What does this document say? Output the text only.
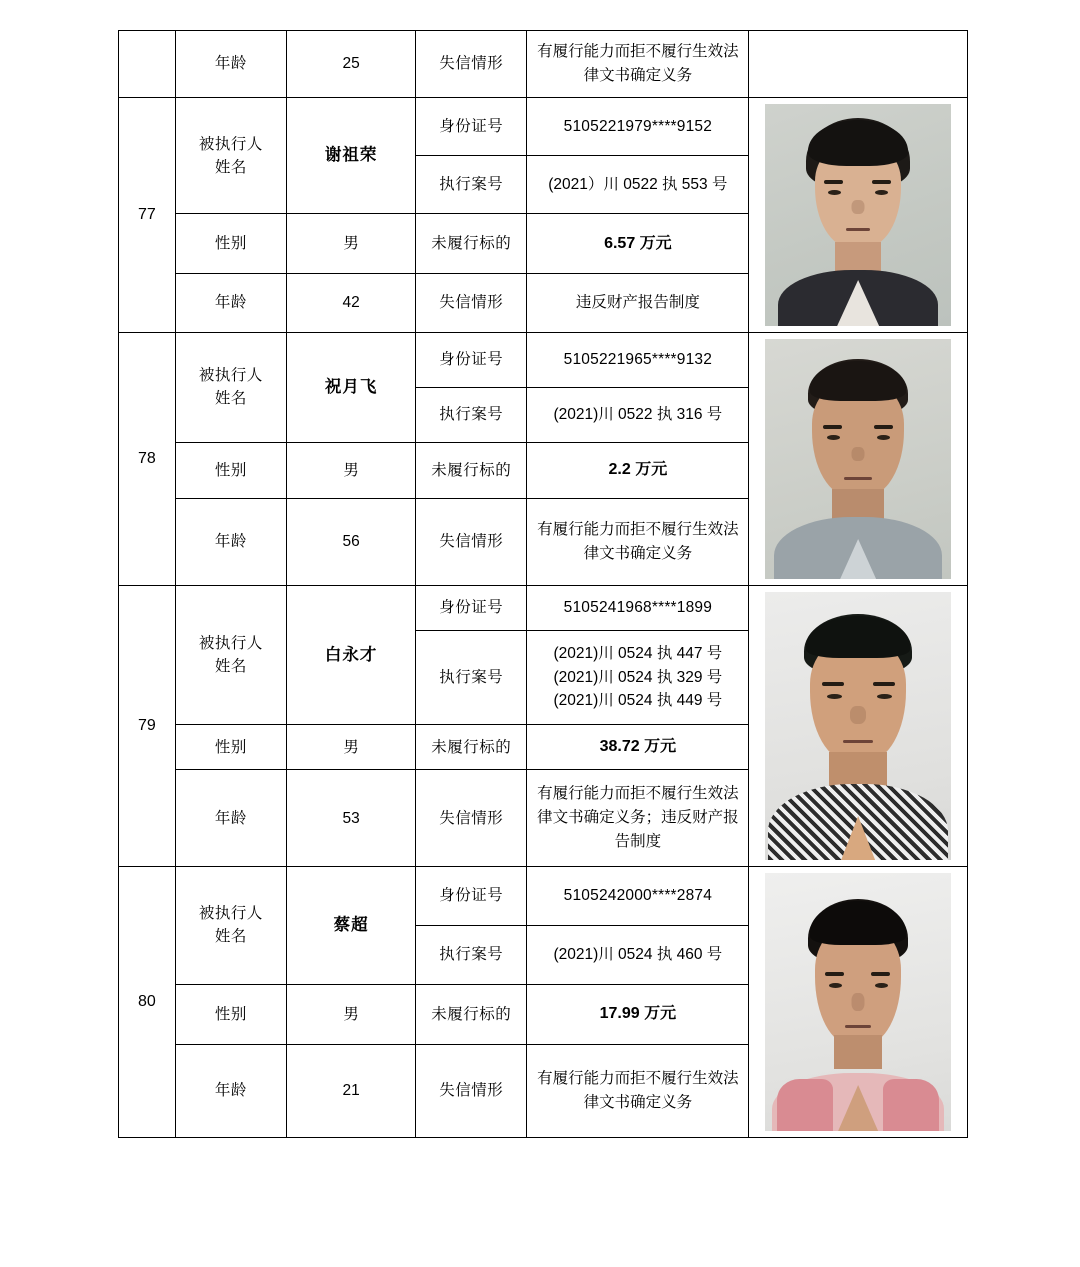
	年龄	25	失信情形	有履行能力而拒不履行生效法律文书确定义务	

77	被执行人
姓名	谢祖荣	身份证号	5105221979****9152	

			执行案号	(2021）川 0522 执 553 号	

	性别	男	未履行标的	6.57 万元	

	年龄	42	失信情形	违反财产报告制度	

78	被执行人
姓名	祝月飞	身份证号	5105221965****9132	

			执行案号	(2021)川 0522 执 316 号	

	性别	男	未履行标的	2.2 万元	

	年龄	56	失信情形	有履行能力而拒不履行生效法律文书确定义务	

79	被执行人
姓名	白永才	身份证号	5105241968****1899	

			执行案号	(2021)川 0524 执 447 号
(2021)川 0524 执 329 号
(2021)川 0524 执 449 号	

	性别	男	未履行标的	38.72 万元	

	年龄	53	失信情形	有履行能力而拒不履行生效法律文书确定义务；违反财产报告制度	

80	被执行人
姓名	蔡超	身份证号	5105242000****2874	

			执行案号	(2021)川 0524 执 460 号	

	性别	男	未履行标的	17.99 万元	

	年龄	21	失信情形	有履行能力而拒不履行生效法律文书确定义务	
